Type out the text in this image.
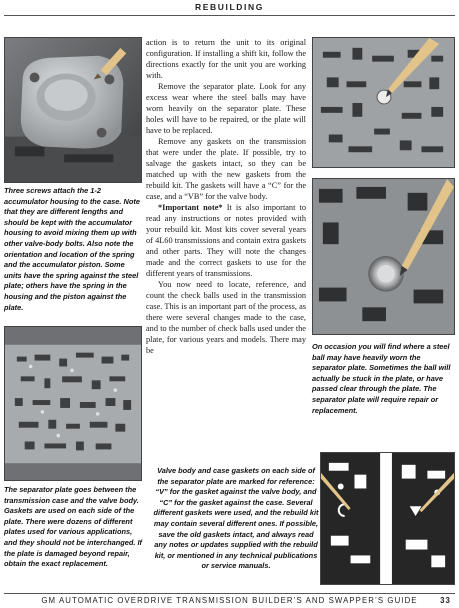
REBUILDING
Three screws attach the 1-2 accumulator housing to the case. Note that they are different lengths and should be kept with the accumulator housing to avoid mixing them up with other valve-body bolts. Also note the orientation and location of the spring and the accumulator piston. Some units have the spring against the steel plate; others have the spring in the housing and the piston against the plate.
The separator plate goes between the transmission case and the valve body. Gaskets are used on each side of the plate. There were dozens of different plates used for various applications, and they should not be interchanged. If the plate is damaged beyond repair, obtain the exact replacement.

action is to return the unit to its original configuration. If installing a shift kit, follow the directions exactly for the unit you are working with.

Remove the separator plate. Look for any excess wear where the steel balls may have worn heavily on the separator plate. These holes will have to be repaired, or the plate will have to be replaced.

Remove any gaskets on the transmission that were under the plate. If possible, try to salvage the gaskets intact, so they can be matched up with the new gaskets from the rebuild kit. The gaskets will have a “C” for the case, and a “VB” for the valve body.

*Important note* It is also important to read any instructions or notes provided with your rebuild kit. Most kits cover several years of 4L60 transmissions and contain extra gaskets and other parts. They will note the changes made and the correct gaskets to use for the different years of transmissions.

You now need to locate, reference, and count the check balls used in the transmission case. This is an important part of the process, as there were several changes made to the case, and to the number of check balls used under the plate, for various years and models. There may be	On occasion you will find where a steel ball may have heavily worn the separator plate. Sometimes the ball will actually be stuck in the plate, or have passed clear through the plate. The separator plate will require repair or replacement.
Valve body and case gaskets on each side of the separator plate are marked for reference: “V” for the gasket against the valve body, and “C” for the gasket against the case. Several different gaskets were used, and the rebuild kit may contain several different ones. If possible, save the old gaskets intact, and always read any notes or updates supplied with the rebuild kit, or mentioned in any technical publications or service manuals.
GM AUTOMATIC OVERDRIVE TRANSMISSION BUILDER’S AND SWAPPER’S GUIDE	33
